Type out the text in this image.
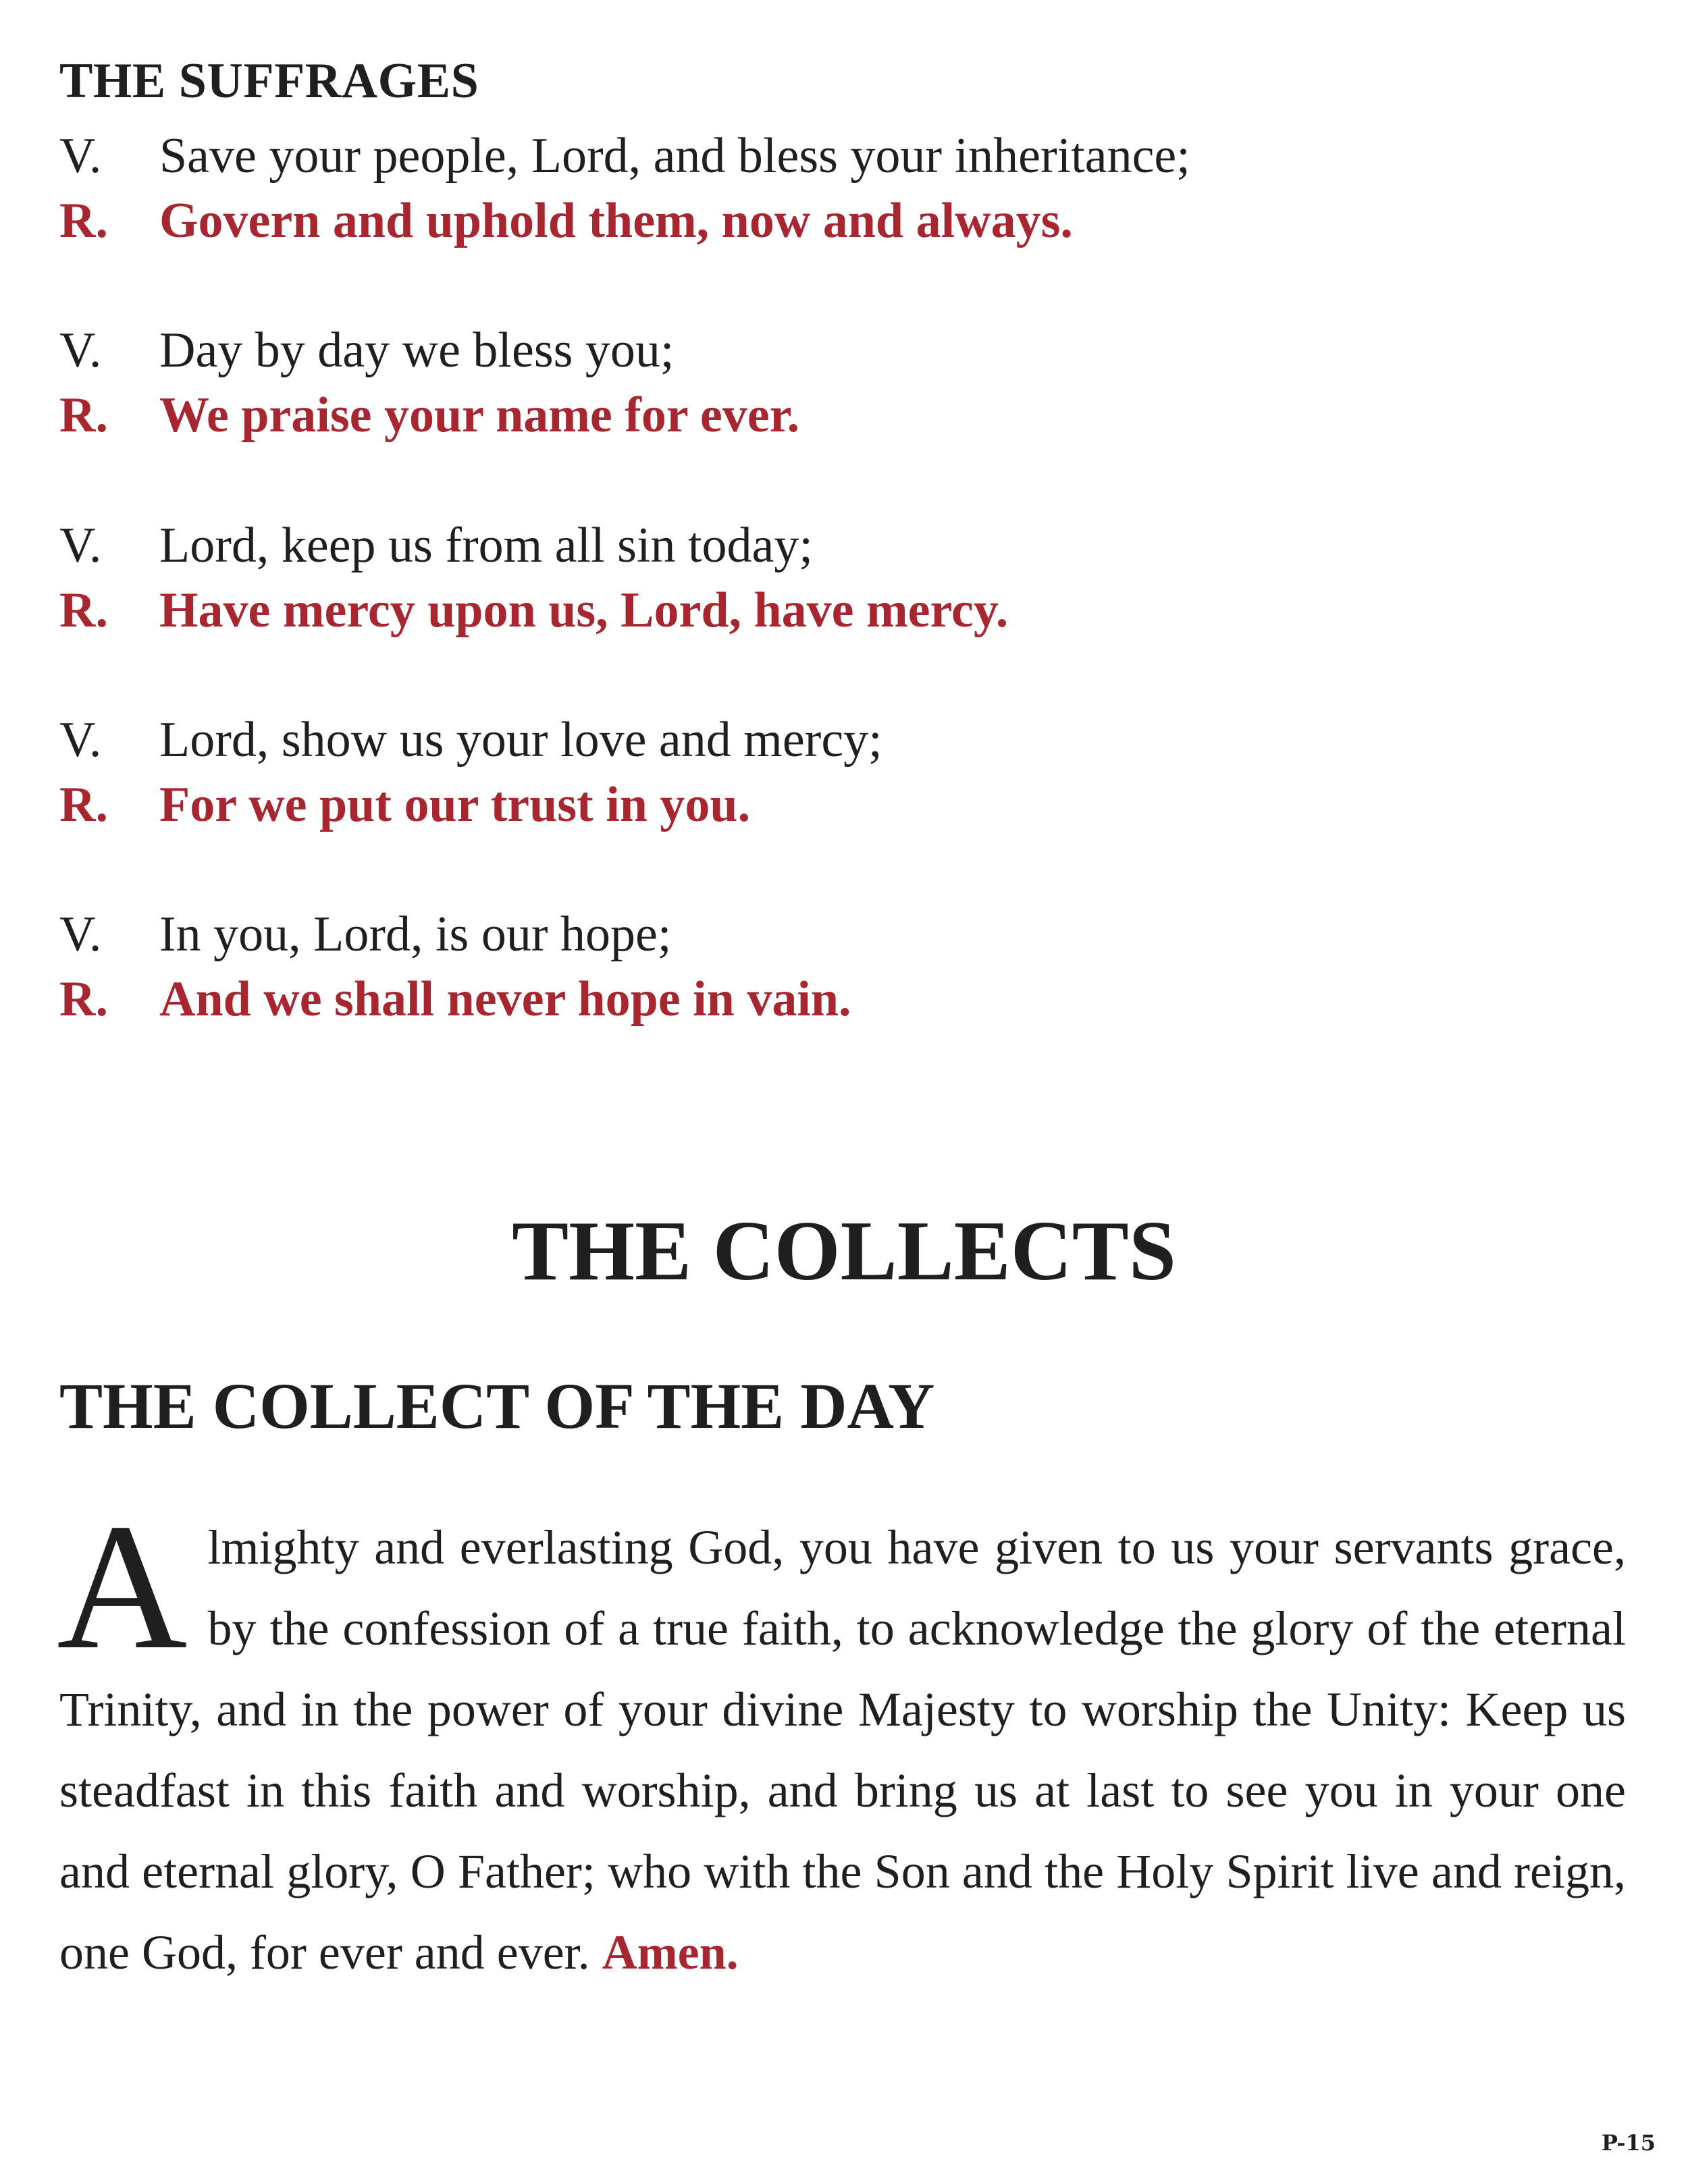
THE SUFFRAGES
V.	Save your people, Lord, and bless your inheritance;
R.	Govern and uphold them, now and always.
V.	Day by day we bless you;
R.	We praise your name for ever.
V.	Lord, keep us from all sin today;
R.	Have mercy upon us, Lord, have mercy.
V.	Lord, show us your love and mercy;
R.	For we put our trust in you.
V.	In you, Lord, is our hope;
R.	And we shall never hope in vain.
THE COLLECTS
THE COLLECT OF THE DAY

Almighty and everlasting God, you have given to us your servants grace, by the confession of a true faith, to acknowledge the glory of the eternal Trinity, and in the power of your divine Majesty to worship the Unity: Keep us steadfast in this faith and worship, and bring us at last to see you in your one and eternal glory, O Father; who with the Son and the Holy Spirit live and reign, one God, for ever and ever. Amen.

P-15
